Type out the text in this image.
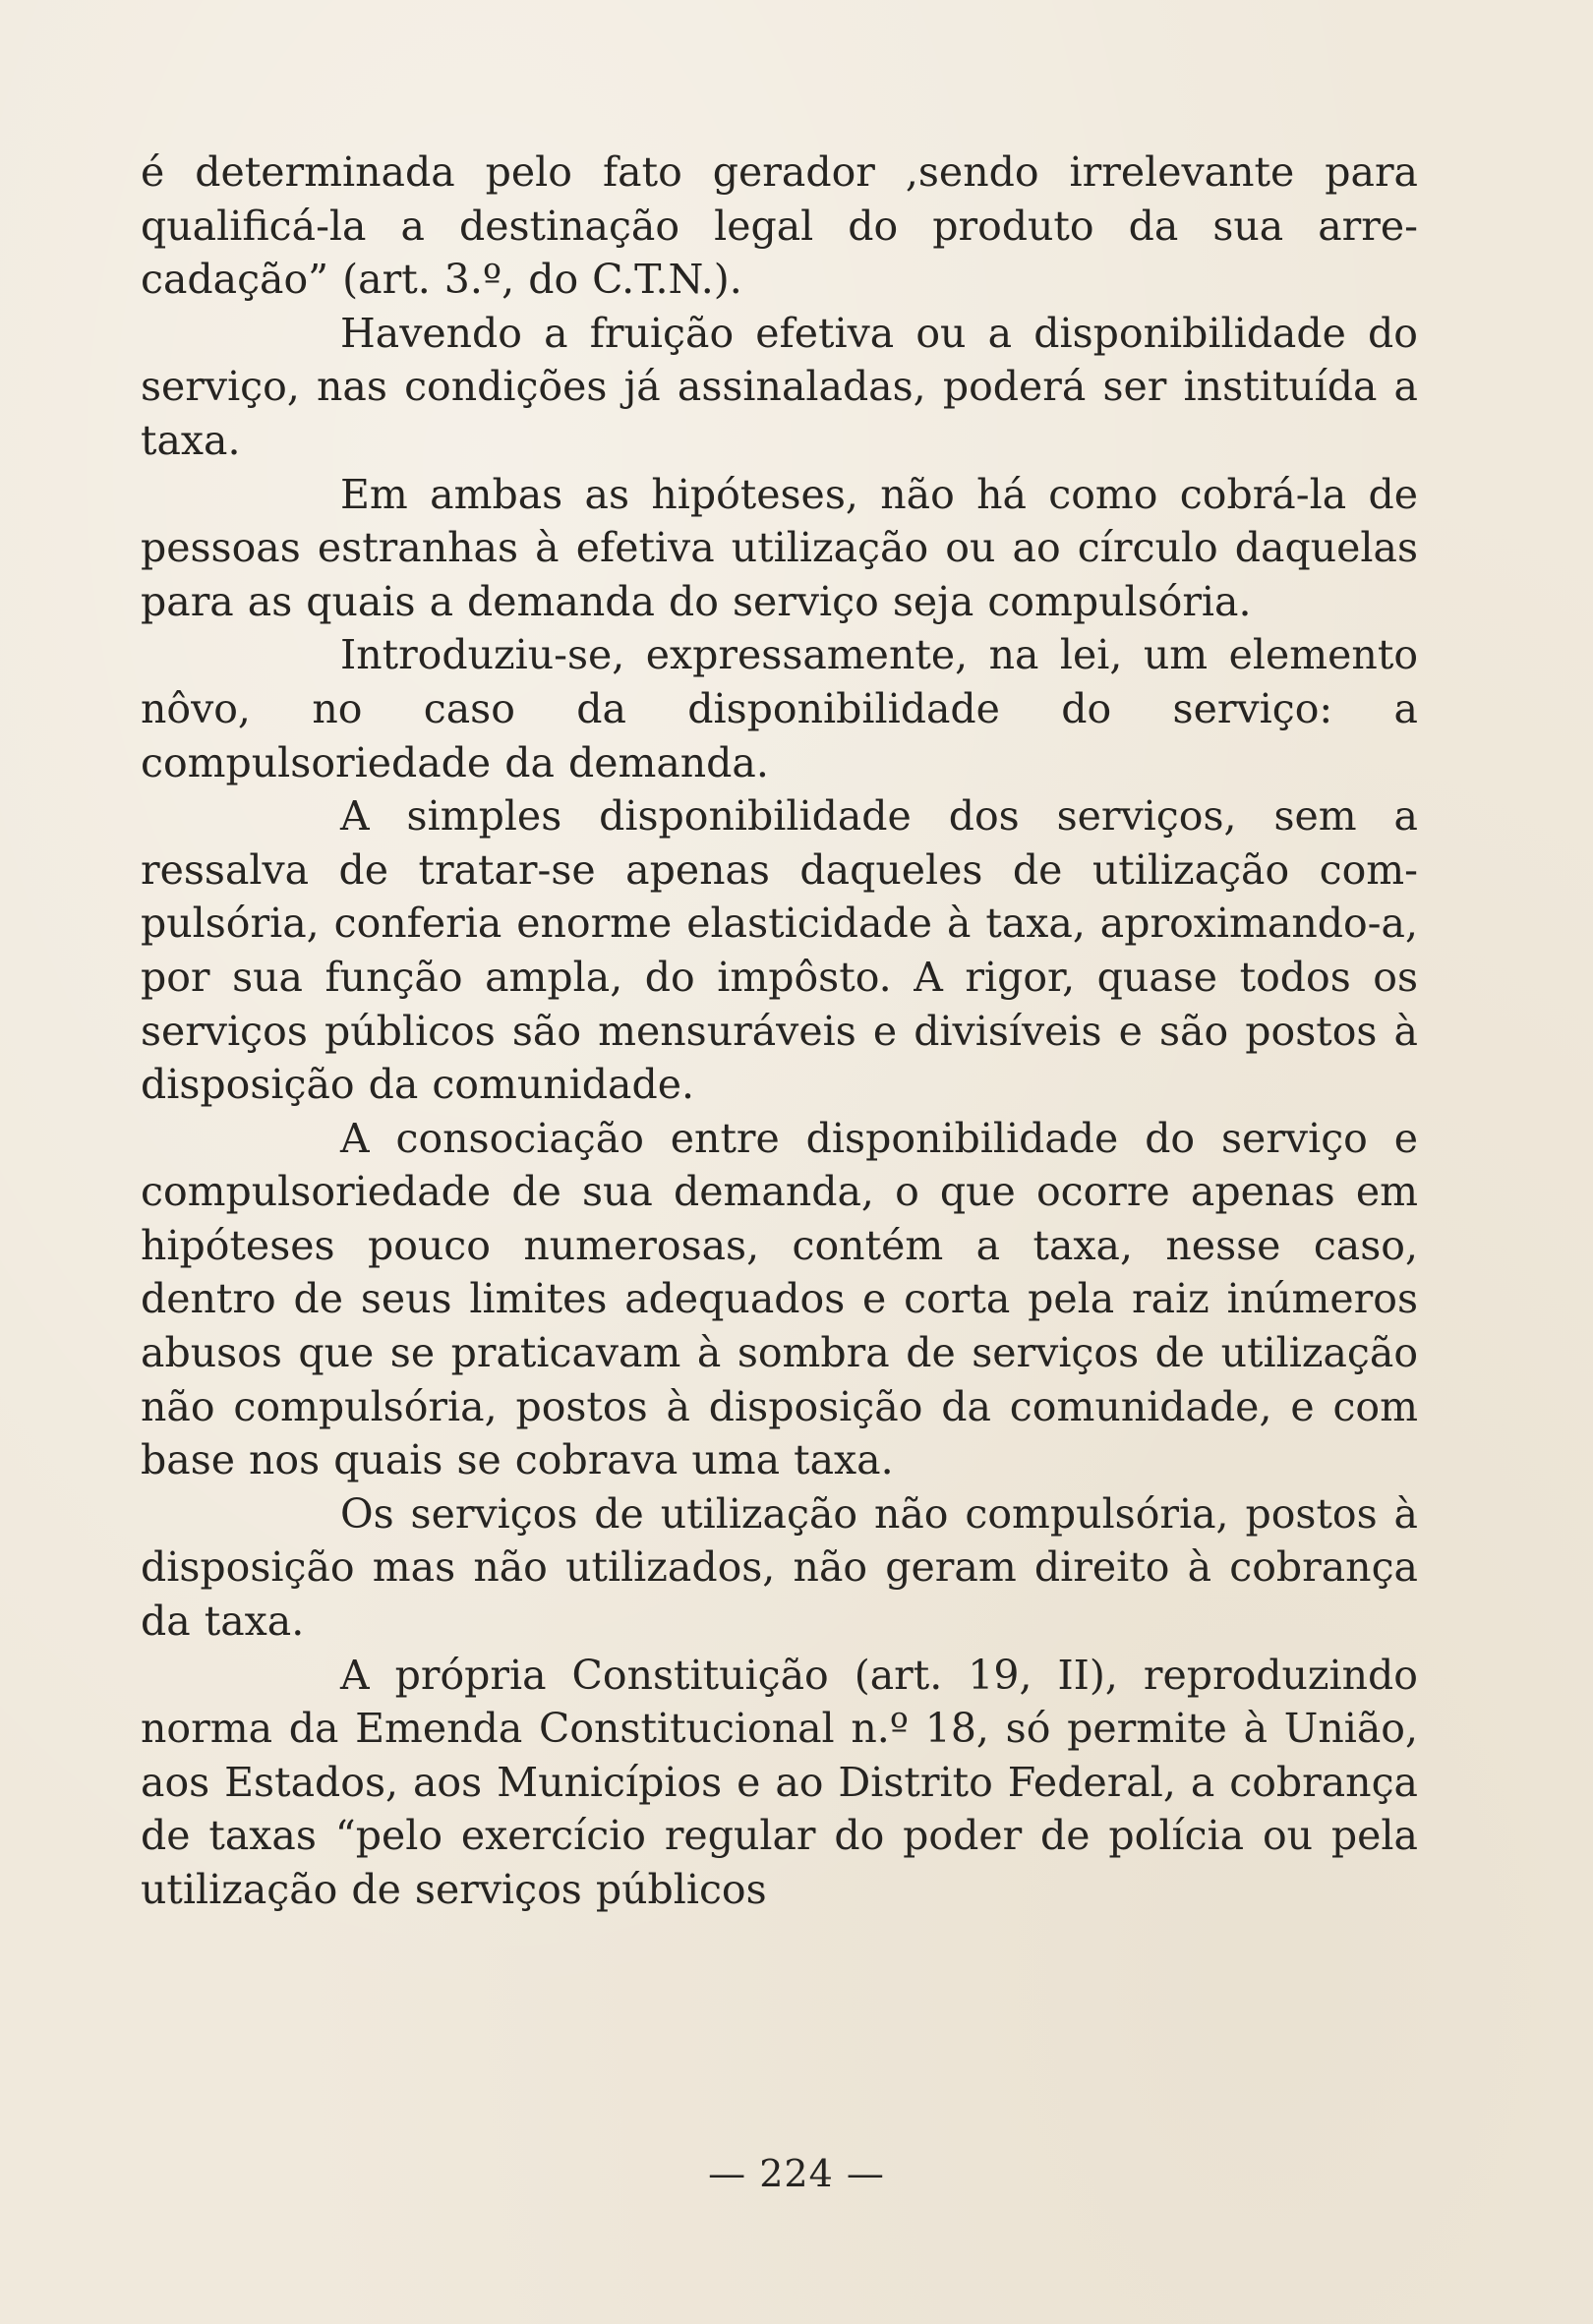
é determinada pelo fato gerador ,sendo irrelevante para qualificá-la a destinação legal do produto da sua arrecadação” (art. 3.º, do C.T.N.).

Havendo a fruição efetiva ou a disponibilidade do serviço, nas condições já assinaladas, poderá ser instituída a taxa.

Em ambas as hipóteses, não há como cobrá-la de pessoas estranhas à efetiva utilização ou ao círculo daquelas para as quais a demanda do serviço seja compulsória.

Introduziu-se, expressamente, na lei, um elemento nôvo, no caso da disponibilidade do serviço: a compulsoriedade da demanda.

A simples disponibilidade dos serviços, sem a ressalva de tratar-se apenas daqueles de utilização compulsória, conferia enorme elasticidade à taxa, aproximando-a, por sua função ampla, do impôsto. A rigor, quase todos os serviços públicos são mensuráveis e divisíveis e são postos à disposição da comunidade.

A consociação entre disponibilidade do serviço e compulsoriedade de sua demanda, o que ocorre apenas em hipóteses pouco numerosas, contém a taxa, nesse caso, dentro de seus limites adequados e corta pela raiz inúmeros abusos que se praticavam à sombra de serviços de utilização não compulsória, postos à disposição da comunidade, e com base nos quais se cobrava uma taxa.

Os serviços de utilização não compulsória, postos à disposição mas não utilizados, não geram direito à cobrança da taxa.

A própria Constituição (art. 19, II), reproduzindo norma da Emenda Constitucional n.º 18, só permite à União, aos Estados, aos Municípios e ao Distrito Federal, a cobrança de taxas “pelo exercício regular do poder de polícia ou pela utilização de serviços públicos

— 224 —
